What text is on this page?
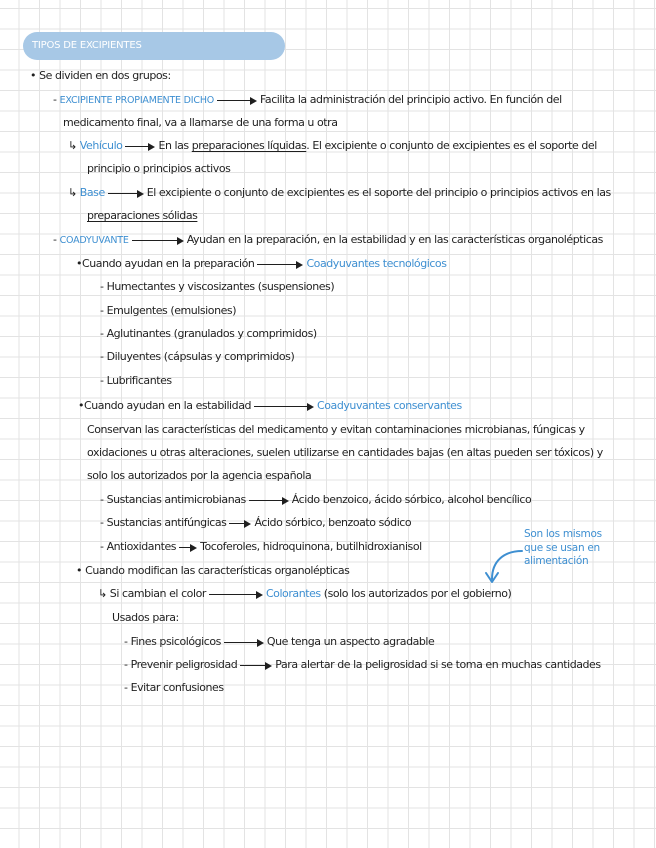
TIPOS DE EXCIPIENTES
• Se dividen en dos grupos:
- EXCIPIENTE PROPIAMENTE DICHO	Facilita la administración del principio activo. En función del
medicamento final, va a llamarse de una forma u otra
↳ Vehículo	En las preparaciones líquidas. El excipiente o conjunto de excipientes es el soporte del
principio o principios activos
↳ Base	El excipiente o conjunto de excipientes es el soporte del principio o principios activos en las
preparaciones sólidas
- COADYUVANTE	Ayudan en la preparación, en la estabilidad y en las características organolépticas
•Cuando ayudan en la preparación	Coadyuvantes tecnológicos
- Humectantes y viscosizantes (suspensiones)
- Emulgentes (emulsiones)
- Aglutinantes (granulados y comprimidos)
- Diluyentes (cápsulas y comprimidos)
- Lubrificantes
•Cuando ayudan en la estabilidad	Coadyuvantes conservantes
Conservan las características del medicamento y evitan contaminaciones microbianas, fúngicas y
oxidaciones u otras alteraciones, suelen utilizarse en cantidades bajas (en altas pueden ser tóxicos) y
solo los autorizados por la agencia española
- Sustancias antimicrobianas	Ácido benzoico, ácido sórbico, alcohol bencílico
- Sustancias antifúngicas	Ácido sórbico, benzoato sódico
- Antioxidantes Tocoferoles, hidroquinona, butilhidroxianisol
Son los mismos
que se usan en
alimentación
• Cuando modifican las características organolépticas
↳ Si cambian el color	Colorantes (solo los autorizados por el gobierno)
Usados para:
- Fines psicológicos	Que tenga un aspecto agradable
- Prevenir peligrosidad	Para alertar de la peligrosidad si se toma en muchas cantidades
- Evitar confusiones
